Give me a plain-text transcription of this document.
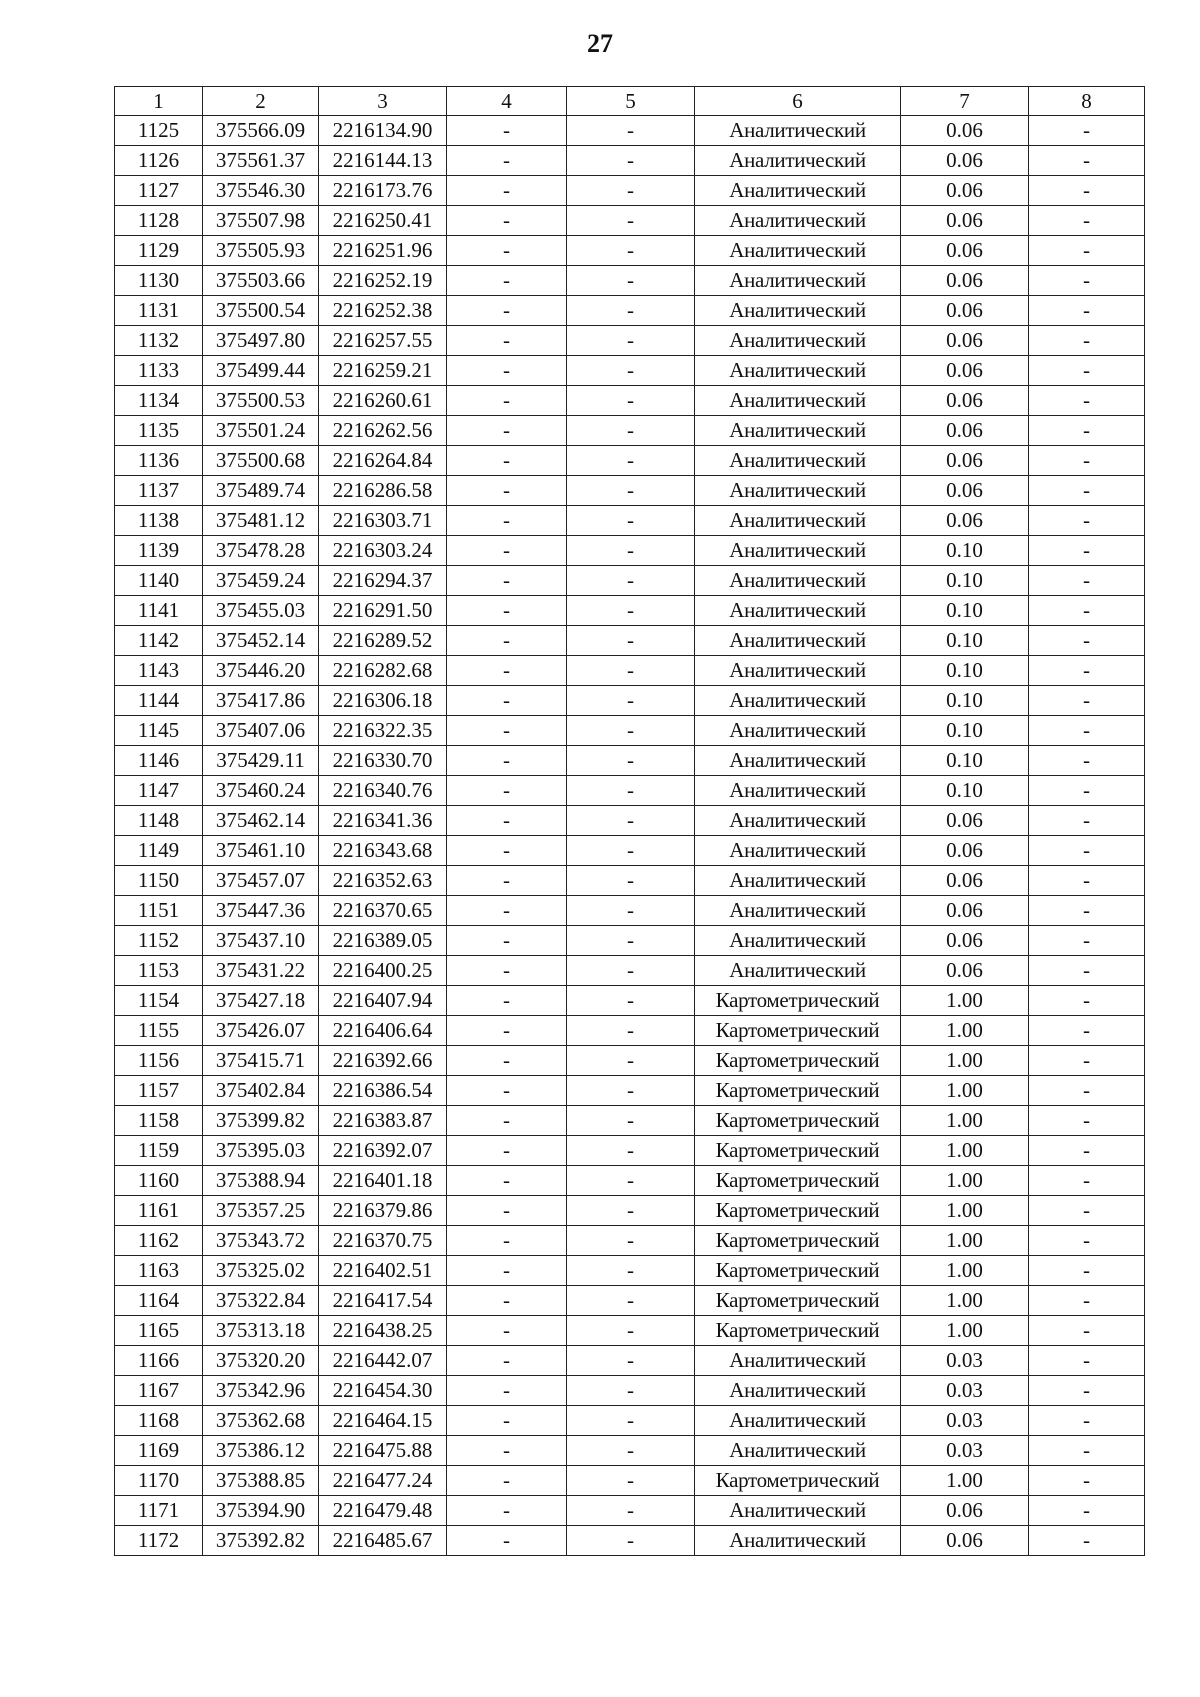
27
1	2	3	4	5	6	7	8
1125	375566.09	2216134.90	-	-	Аналитический	0.06	-
1126	375561.37	2216144.13	-	-	Аналитический	0.06	-
1127	375546.30	2216173.76	-	-	Аналитический	0.06	-
1128	375507.98	2216250.41	-	-	Аналитический	0.06	-
1129	375505.93	2216251.96	-	-	Аналитический	0.06	-
1130	375503.66	2216252.19	-	-	Аналитический	0.06	-
1131	375500.54	2216252.38	-	-	Аналитический	0.06	-
1132	375497.80	2216257.55	-	-	Аналитический	0.06	-
1133	375499.44	2216259.21	-	-	Аналитический	0.06	-
1134	375500.53	2216260.61	-	-	Аналитический	0.06	-
1135	375501.24	2216262.56	-	-	Аналитический	0.06	-
1136	375500.68	2216264.84	-	-	Аналитический	0.06	-
1137	375489.74	2216286.58	-	-	Аналитический	0.06	-
1138	375481.12	2216303.71	-	-	Аналитический	0.06	-
1139	375478.28	2216303.24	-	-	Аналитический	0.10	-
1140	375459.24	2216294.37	-	-	Аналитический	0.10	-
1141	375455.03	2216291.50	-	-	Аналитический	0.10	-
1142	375452.14	2216289.52	-	-	Аналитический	0.10	-
1143	375446.20	2216282.68	-	-	Аналитический	0.10	-
1144	375417.86	2216306.18	-	-	Аналитический	0.10	-
1145	375407.06	2216322.35	-	-	Аналитический	0.10	-
1146	375429.11	2216330.70	-	-	Аналитический	0.10	-
1147	375460.24	2216340.76	-	-	Аналитический	0.10	-
1148	375462.14	2216341.36	-	-	Аналитический	0.06	-
1149	375461.10	2216343.68	-	-	Аналитический	0.06	-
1150	375457.07	2216352.63	-	-	Аналитический	0.06	-
1151	375447.36	2216370.65	-	-	Аналитический	0.06	-
1152	375437.10	2216389.05	-	-	Аналитический	0.06	-
1153	375431.22	2216400.25	-	-	Аналитический	0.06	-
1154	375427.18	2216407.94	-	-	Картометрический	1.00	-
1155	375426.07	2216406.64	-	-	Картометрический	1.00	-
1156	375415.71	2216392.66	-	-	Картометрический	1.00	-
1157	375402.84	2216386.54	-	-	Картометрический	1.00	-
1158	375399.82	2216383.87	-	-	Картометрический	1.00	-
1159	375395.03	2216392.07	-	-	Картометрический	1.00	-
1160	375388.94	2216401.18	-	-	Картометрический	1.00	-
1161	375357.25	2216379.86	-	-	Картометрический	1.00	-
1162	375343.72	2216370.75	-	-	Картометрический	1.00	-
1163	375325.02	2216402.51	-	-	Картометрический	1.00	-
1164	375322.84	2216417.54	-	-	Картометрический	1.00	-
1165	375313.18	2216438.25	-	-	Картометрический	1.00	-
1166	375320.20	2216442.07	-	-	Аналитический	0.03	-
1167	375342.96	2216454.30	-	-	Аналитический	0.03	-
1168	375362.68	2216464.15	-	-	Аналитический	0.03	-
1169	375386.12	2216475.88	-	-	Аналитический	0.03	-
1170	375388.85	2216477.24	-	-	Картометрический	1.00	-
1171	375394.90	2216479.48	-	-	Аналитический	0.06	-
1172	375392.82	2216485.67	-	-	Аналитический	0.06	-
